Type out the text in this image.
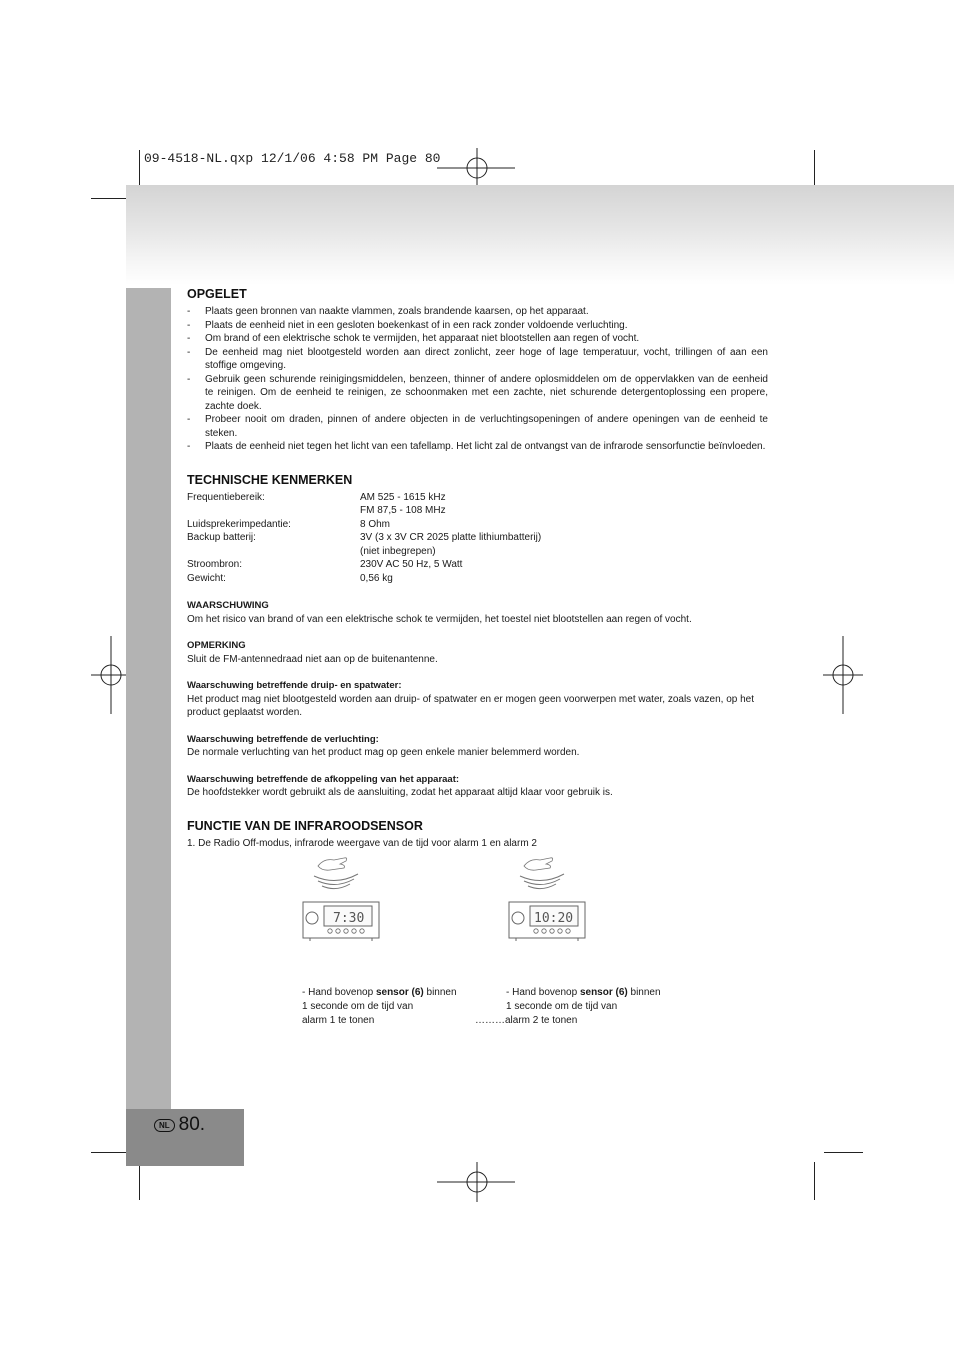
09-4518-NL.qxp 12/1/06 4:58 PM Page 80
NL 80.
OPGELET
- Plaats geen bronnen van naakte vlammen, zoals brandende kaarsen, op het apparaat.
- Plaats de eenheid niet in een gesloten boekenkast of in een rack zonder voldoende verluchting.
- Om brand of een elektrische schok te vermijden, het apparaat niet blootstellen aan regen of vocht.
- De eenheid mag niet blootgesteld worden aan direct zonlicht, zeer hoge of lage temperatuur, vocht, trillingen of aan een stoffige omgeving.
- Gebruik geen schurende reinigingsmiddelen, benzeen, thinner of andere oplosmiddelen om de oppervlakken van de eenheid te reinigen. Om de eenheid te reinigen, ze schoonmaken met een zachte, niet schurende detergentoplossing een propere, zachte doek.
- Probeer nooit om draden, pinnen of andere objecten in de verluchtingsopeningen of andere openingen van de eenheid te steken.
- Plaats de eenheid niet tegen het licht van een tafellamp. Het licht zal de ontvangst van de infrarode sensorfunctie beïnvloeden.
TECHNISCHE KENMERKEN
Frequentiebereik:	AM 525 - 1615 kHz
	FM 87,5 - 108 MHz
Luidsprekerimpedantie:	8 Ohm
Backup batterij:	3V (3 x 3V CR 2025 platte lithiumbatterij)
	(niet inbegrepen)
Stroombron:	230V AC 50 Hz, 5 Watt
Gewicht:	0,56 kg
WAARSCHUWING

Om het risico van brand of van een elektrische schok te vermijden, het toestel niet blootstellen aan regen of vocht.

OPMERKING

Sluit de FM-antennedraad niet aan op de buitenantenne.

Waarschuwing betreffende druip- en spatwater:

Het product mag niet blootgesteld worden aan druip- of spatwater en er mogen geen voorwerpen met water, zoals vazen, op het product geplaatst worden.

Waarschuwing betreffende de verluchting:

De normale verluchting van het product mag op geen enkele manier belemmerd worden.

Waarschuwing betreffende de afkoppeling van het apparaat:

De hoofdstekker wordt gebruikt als de aansluiting, zodat het apparaat altijd klaar voor gebruik is.

FUNCTIE VAN DE INFRAROODSENSOR

1. De Radio Off-modus, infrarode weergave van de tijd voor alarm 1 en alarm 2

7:30	10:20
- Hand bovenop sensor (6) binnen
1 seconde om de tijd van
alarm 1 te tonen
- Hand bovenop sensor (6) binnen
1 seconde om de tijd van
………alarm 2 te tonen
